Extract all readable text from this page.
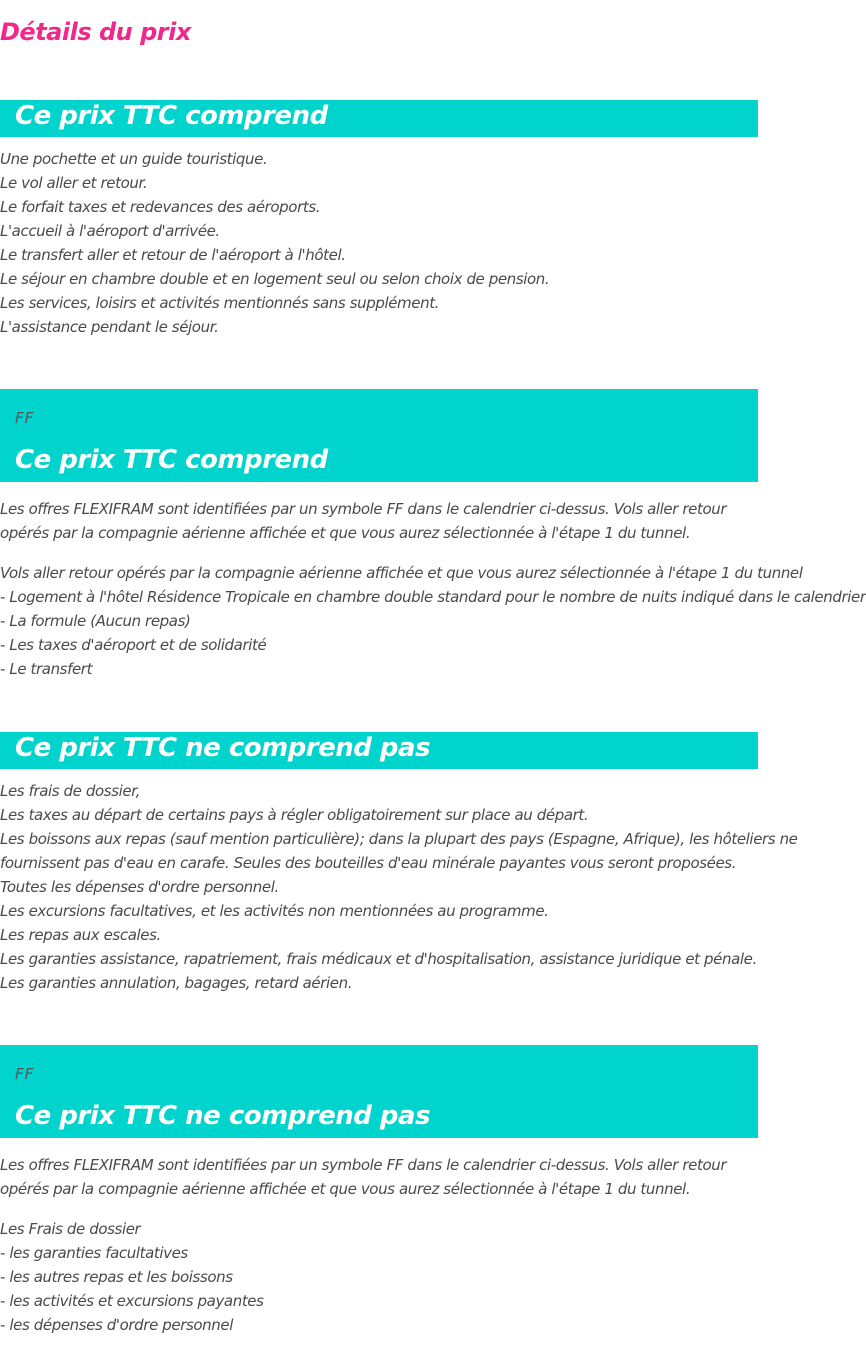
Détails du prix
Ce prix TTC comprend
Une pochette et un guide touristique.
Le vol aller et retour.
Le forfait taxes et redevances des aéroports.
L'accueil à l'aéroport d'arrivée.
Le transfert aller et retour de l'aéroport à l'hôtel.
Le séjour en chambre double et en logement seul ou selon choix de pension.
Les services, loisirs et activités mentionnés sans supplément.
L'assistance pendant le séjour.
FF
Ce prix TTC comprend

Les offres FLEXIFRAM sont identifiées par un symbole FF dans le calendrier ci-dessus. Vols aller retour opérés par la compagnie aérienne affichée et que vous aurez sélectionnée à l'étape 1 du tunnel.

Vols aller retour opérés par la compagnie aérienne affichée et que vous aurez sélectionnée à l'étape 1 du tunnel
- Logement à l'hôtel Résidence Tropicale en chambre double standard pour le nombre de nuits indiqué dans le calendrier
- La formule (Aucun repas)
- Les taxes d'aéroport et de solidarité
- Le transfert
Ce prix TTC ne comprend pas
Les frais de dossier,
Les taxes au départ de certains pays à régler obligatoirement sur place au départ.
Les boissons aux repas (sauf mention particulière); dans la plupart des pays (Espagne, Afrique), les hôteliers ne
fournissent pas d'eau en carafe. Seules des bouteilles d'eau minérale payantes vous seront proposées.
Toutes les dépenses d'ordre personnel.
Les excursions facultatives, et les activités non mentionnées au programme.
Les repas aux escales.
Les garanties assistance, rapatriement, frais médicaux et d'hospitalisation, assistance juridique et pénale.
Les garanties annulation, bagages, retard aérien.
FF
Ce prix TTC ne comprend pas

Les offres FLEXIFRAM sont identifiées par un symbole FF dans le calendrier ci-dessus. Vols aller retour opérés par la compagnie aérienne affichée et que vous aurez sélectionnée à l'étape 1 du tunnel.

Les Frais de dossier
- les garanties facultatives
- les autres repas et les boissons
- les activités et excursions payantes
- les dépenses d'ordre personnel
